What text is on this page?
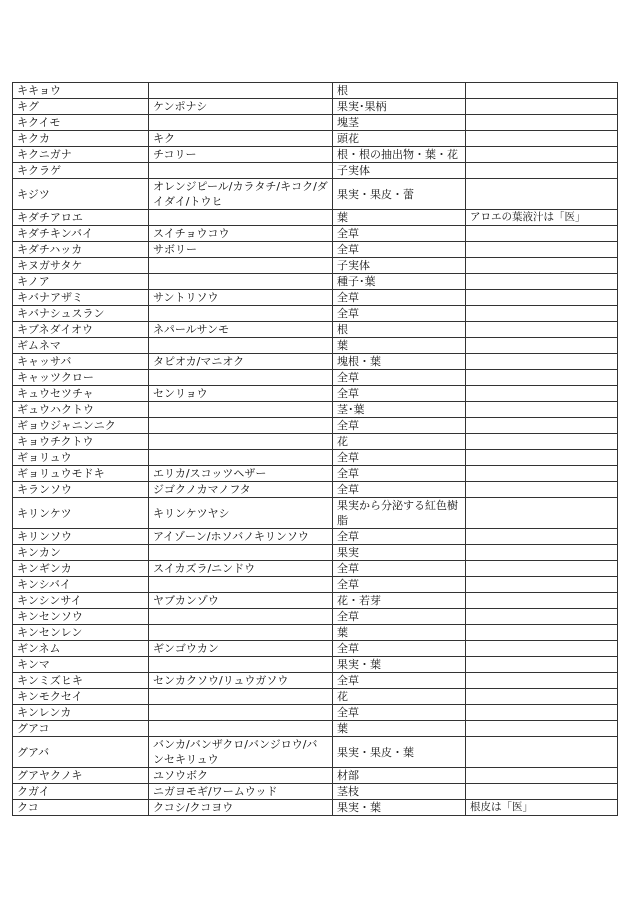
キキョウ		根	
キグ	ケンポナシ	果実･果柄	
キクイモ		塊茎	
キクカ	キク	頭花	
キクニガナ	チコリー	根・根の抽出物・葉・花	
キクラゲ		子実体	
キジツ	オレンジピール/カラタチ/キコク/ダイダイ/トウヒ	果実・果皮・蕾	
キダチアロエ		葉	アロエの葉液汁は「医」
キダチキンバイ	スイチョウコウ	全草	
キダチハッカ	サボリー	全草	
キヌガサタケ		子実体	
キノア		種子･葉	
キバナアザミ	サントリソウ	全草	
キバナシュスラン		全草	
キブネダイオウ	ネパールサンモ	根	
ギムネマ		葉	
キャッサバ	タピオカ/マニオク	塊根・葉	
キャッツクロー		全草	
キュウセツチャ	センリョウ	全草	
ギュウハクトウ		茎･葉	
ギョウジャニンニク		全草	
キョウチクトウ		花	
ギョリュウ		全草	
ギョリュウモドキ	エリカ/スコッツヘザー	全草	
キランソウ	ジゴクノカマノフタ	全草	
キリンケツ	キリンケツヤシ	果実から分泌する紅色樹脂	
キリンソウ	アイゾーン/ホソバノキリンソウ	全草	
キンカン		果実	
キンギンカ	スイカズラ/ニンドウ	全草	
キンシバイ		全草	
キンシンサイ	ヤブカンゾウ	花・若芽	
キンセンソウ		全草	
キンセンレン		葉	
ギンネム	ギンゴウカン	全草	
キンマ		果実・葉	
キンミズヒキ	センカクソウ/リュウガソウ	全草	
キンモクセイ		花	
キンレンカ		全草	
グアコ		葉	
グアバ	バンカ/バンザクロ/バンジロウ/バンセキリュウ	果実・果皮・葉	
グアヤクノキ	ユソウボク	材部	
クガイ	ニガヨモギ/ワームウッド	茎枝	
クコ	クコシ/クコヨウ	果実・葉	根皮は「医」
